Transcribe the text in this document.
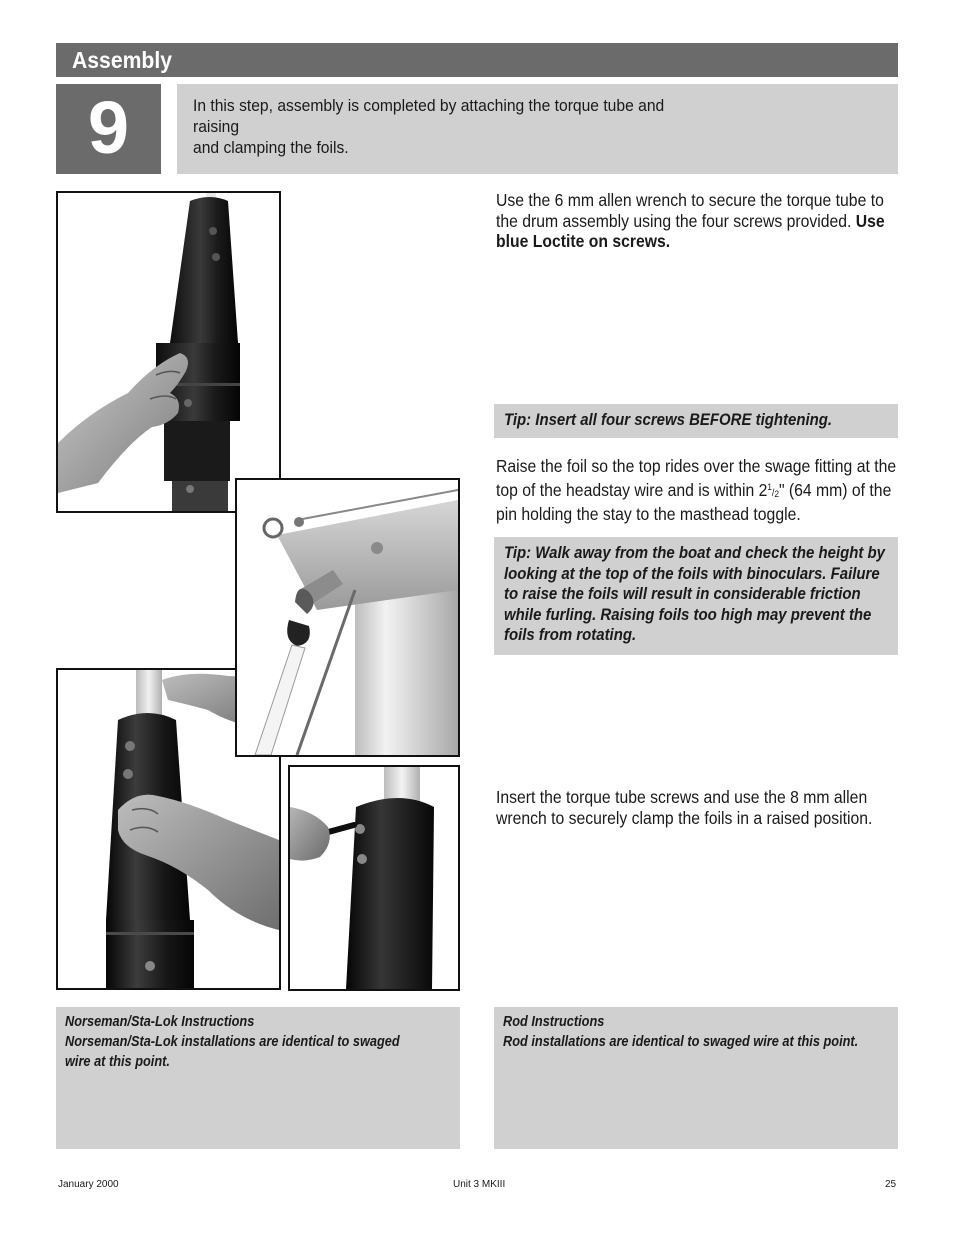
Assembly
9	In this step, assembly is completed by attaching the torque tube and raising
and clamping the foils.
Use the 6 mm allen wrench to secure the torque tube to the drum assembly using the four screws provided. Use blue Loctite on screws.
Tip: Insert all four screws BEFORE tightening.
Raise the foil so the top rides over the swage fitting at the top of the headstay wire and is within $2^1/_2$" (64 mm) of the pin holding the stay to the masthead toggle.
Tip: Walk away from the boat and check the height by looking at the top of the foils with binoculars. Failure to raise the foils will result in considerable friction while furling. Raising foils too high may prevent the foils from rotating.
Insert the torque tube screws and use the 8 mm allen wrench to securely clamp the foils in a raised position.
Norseman/Sta-Lok Instructions
Norseman/Sta-Lok installations are identical to swaged
wire at this point.
Rod Instructions
Rod installations are identical to swaged wire at this point.
January 2000	Unit 3 MKIII	25
